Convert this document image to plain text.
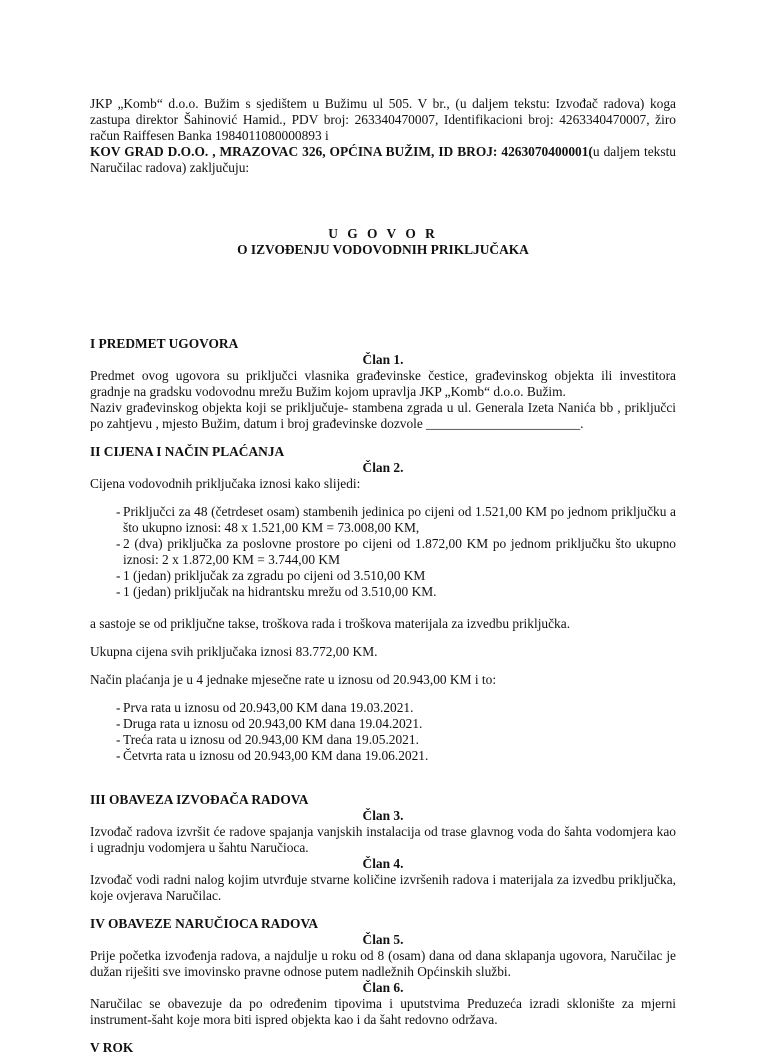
JKP „Komb“ d.o.o. Bužim s sjedištem u Bužimu ul 505. V br., (u daljem tekstu: Izvođač radova) koga zastupa direktor Šahinović Hamid., PDV broj: 263340470007, Identifikacioni broj: 4263340470007, žiro račun Raiffesen Banka 1984011080000893 i

KOV GRAD D.O.O. , MRAZOVAC 326, OPĆINA BUŽIM, ID BROJ: 4263070400001(u daljem tekstu Naručilac radova) zaključuju:

U G O V O R

O IZVOĐENJU VODOVODNIH PRIKLJUČAKA

I PREDMET UGOVORA

Član 1.

Predmet ovog ugovora su priključci vlasnika građevinske čestice, građevinskog objekta ili investitora gradnje na gradsku vodovodnu mrežu Bužim kojom upravlja JKP „Komb“ d.o.o. Bužim.

Naziv građevinskog objekta koji se priključuje- stambena zgrada u ul. Generala Izeta Nanića bb , priključci po zahtjevu , mjesto Bužim, datum i broj građevinske dozvole _______________________.

II CIJENA I NAČIN PLAĆANJA

Član 2.

Cijena vodovodnih priključaka iznosi kako slijedi:

- Priključci za 48 (četrdeset osam) stambenih jedinica po cijeni od 1.521,00 KM po jednom priključku a što ukupno iznosi: 48 x 1.521,00 KM = 73.008,00 KM,
- 2 (dva) priključka za poslovne prostore po cijeni od 1.872,00 KM po jednom priključku što ukupno iznosi: 2 x 1.872,00 KM = 3.744,00 KM
- 1 (jedan) priključak za zgradu po cijeni od 3.510,00 KM
- 1 (jedan) priključak na hidrantsku mrežu od 3.510,00 KM.

a sastoje se od priključne takse, troškova rada i troškova materijala za izvedbu priključka.

Ukupna cijena svih priključaka iznosi 83.772,00 KM.

Način plaćanja je u 4 jednake mjesečne rate u iznosu od 20.943,00 KM i to:

- Prva rata u iznosu od 20.943,00 KM dana 19.03.2021.
- Druga rata u iznosu od 20.943,00 KM dana 19.04.2021.
- Treća rata u iznosu od 20.943,00 KM dana 19.05.2021.
- Četvrta rata u iznosu od 20.943,00 KM dana 19.06.2021.

III OBAVEZA IZVOĐAČA RADOVA

Član 3.

Izvođač radova izvršit će radove spajanja vanjskih instalacija od trase glavnog voda do šahta vodomjera kao i ugradnju vodomjera u šahtu Naručioca.

Član 4.

Izvođač vodi radni nalog kojim utvrđuje stvarne količine izvršenih radova i materijala za izvedbu priključka, koje ovjerava Naručilac.

IV OBAVEZE NARUČIOCA RADOVA

Član 5.

Prije početka izvođenja radova, a najdulje u roku od 8 (osam) dana od dana sklapanja ugovora, Naručilac je dužan riješiti sve imovinsko pravne odnose putem nadležnih Općinskih službi.

Član 6.

Naručilac se obavezuje da po određenim tipovima i uputstvima Preduzeća izradi sklonište za mjerni instrument-šaht koje mora biti ispred objekta kao i da šaht redovno održava.

V ROK
